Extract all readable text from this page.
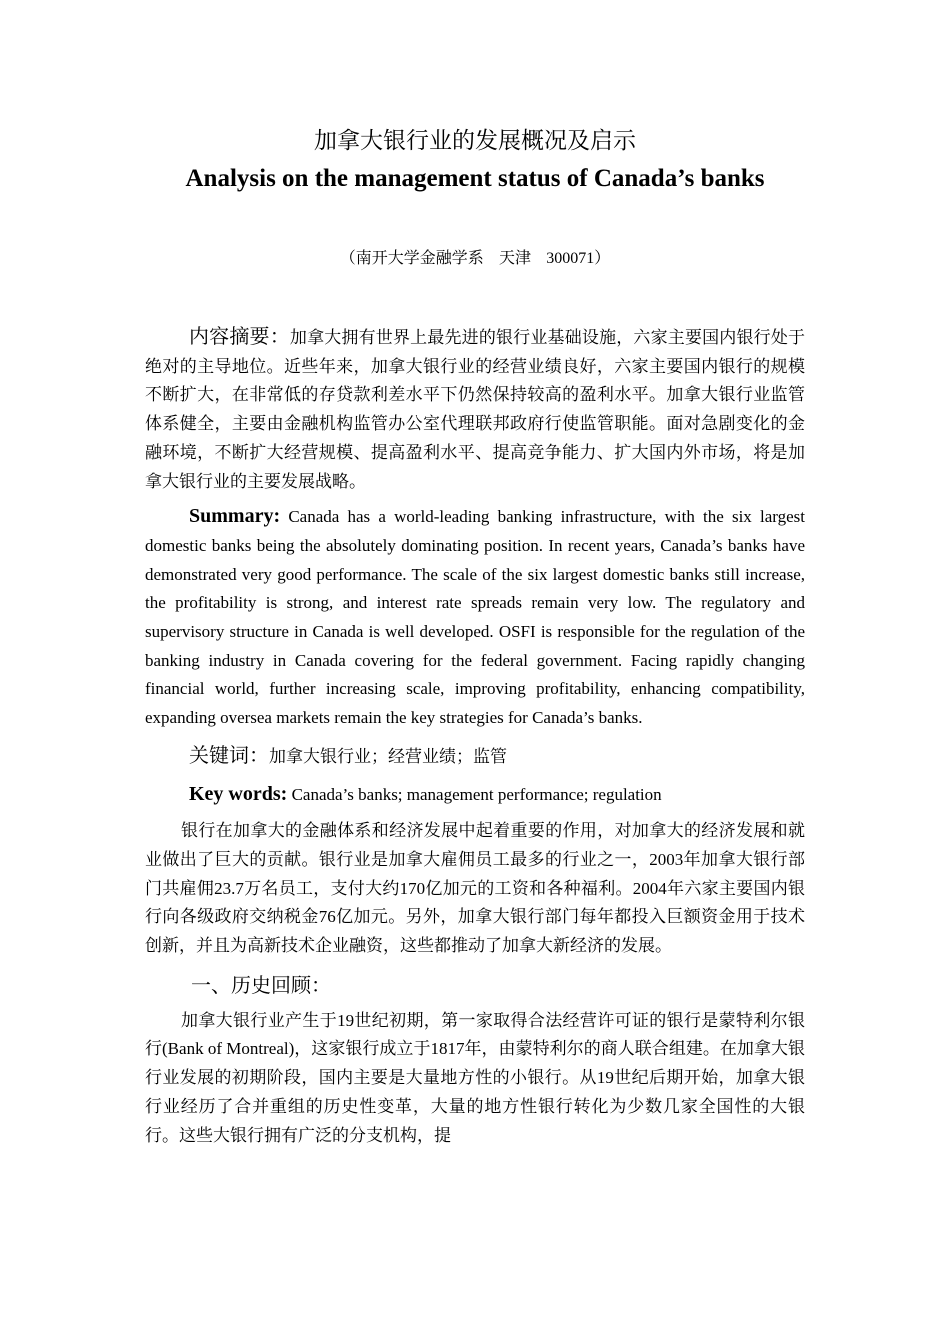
加拿大银行业的发展概况及启示
Analysis on the management status of Canada’s banks
（南开大学金融学系 天津 300071）

内容摘要：加拿大拥有世界上最先进的银行业基础设施，六家主要国内银行处于绝对的主导地位。近些年来，加拿大银行业的经营业绩良好，六家主要国内银行的规模不断扩大，在非常低的存贷款利差水平下仍然保持较高的盈利水平。加拿大银行业监管体系健全，主要由金融机构监管办公室代理联邦政府行使监管职能。面对急剧变化的金融环境，不断扩大经营规模、提高盈利水平、提高竞争能力、扩大国内外市场，将是加拿大银行业的主要发展战略。

Summary: Canada has a world-leading banking infrastructure, with the six largest domestic banks being the absolutely dominating position. In recent years, Canada’s banks have demonstrated very good performance. The scale of the six largest domestic banks still increase, the profitability is strong, and interest rate spreads remain very low. The regulatory and supervisory structure in Canada is well developed. OSFI is responsible for the regulation of the banking industry in Canada covering for the federal government. Facing rapidly changing financial world, further increasing scale, improving profitability, enhancing compatibility, expanding oversea markets remain the key strategies for Canada’s banks.

关键词：加拿大银行业；经营业绩；监管

Key words: Canada’s banks; management performance; regulation

银行在加拿大的金融体系和经济发展中起着重要的作用，对加拿大的经济发展和就业做出了巨大的贡献。银行业是加拿大雇佣员工最多的行业之一，2003年加拿大银行部门共雇佣23.7万名员工，支付大约170亿加元的工资和各种福利。2004年六家主要国内银行向各级政府交纳税金76亿加元。另外，加拿大银行部门每年都投入巨额资金用于技术创新，并且为高新技术企业融资，这些都推动了加拿大新经济的发展。

一、历史回顾：

加拿大银行业产生于19世纪初期，第一家取得合法经营许可证的银行是蒙特利尔银行(Bank of Montreal)，这家银行成立于1817年，由蒙特利尔的商人联合组建。在加拿大银行业发展的初期阶段，国内主要是大量地方性的小银行。从19世纪后期开始，加拿大银行业经历了合并重组的历史性变革，大量的地方性银行转化为少数几家全国性的大银行。这些大银行拥有广泛的分支机构，提
